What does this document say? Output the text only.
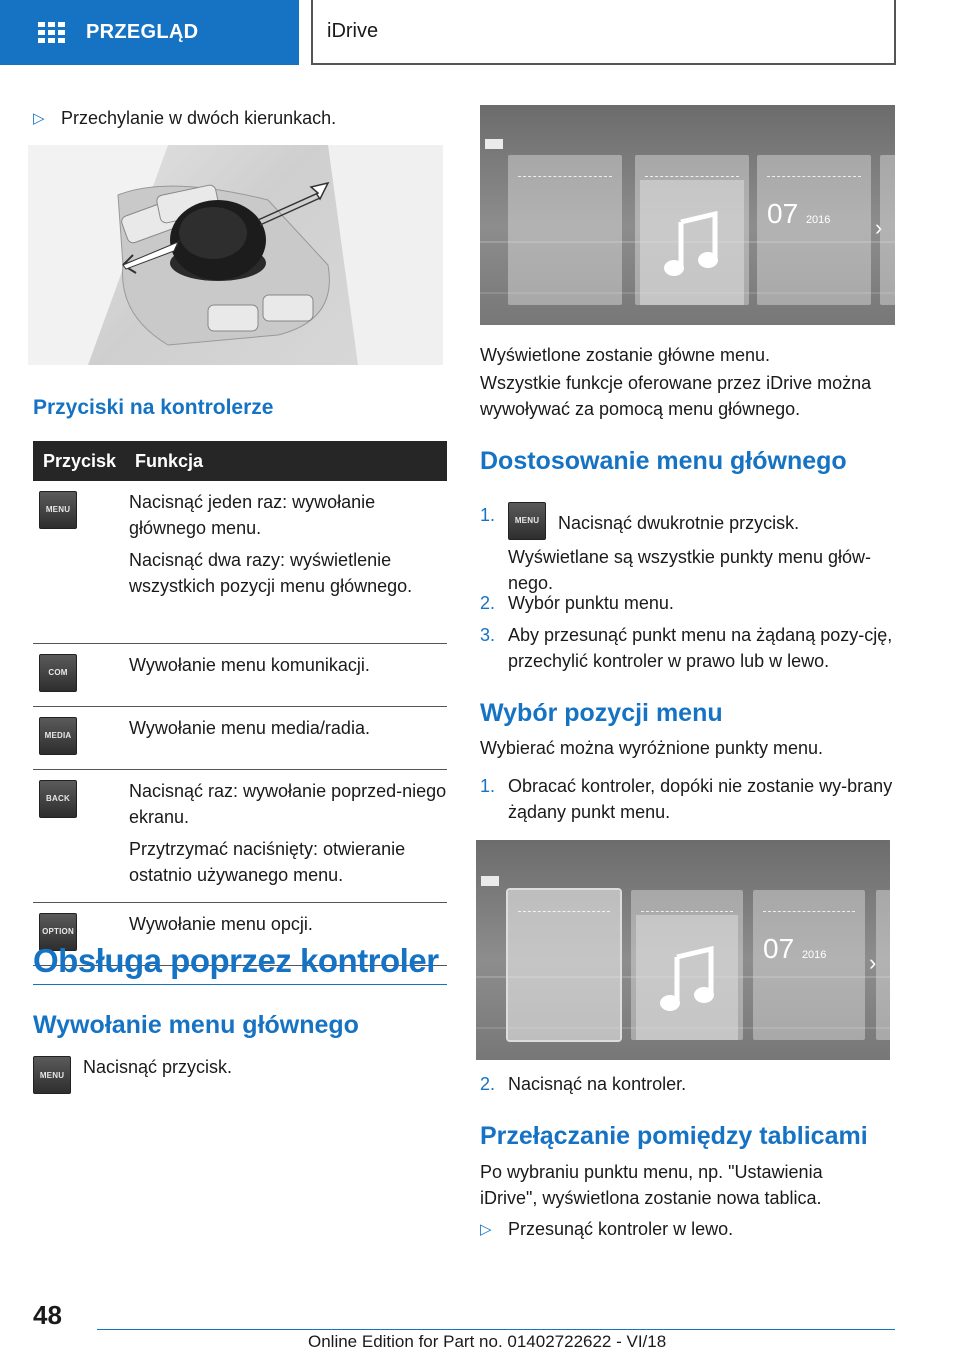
PRZEGLĄD	iDrive
▷ Przechylanie w dwóch kierunkach.
Przyciski na kontrolerze
Przycisk	Funkcja

MENU	Nacisnąć jeden raz: wywołanie głównego menu.

Nacisnąć dwa razy: wyświetlenie wszystkich pozycji menu głównego.

COM	Wywołanie menu komunikacji.

MEDIA	Wywołanie menu media/radia.

BACK	Nacisnąć raz: wywołanie poprzed‐niego ekranu.

Przytrzymać naciśnięty: otwieranie ostatnio używanego menu.

OPTION	Wywołanie menu opcji.

Obsługa poprzez kontroler
Wywołanie menu głównego
MENU	Nacisnąć przycisk.
07 2016 ›

Wyświetlone zostanie główne menu.

Wszystkie funkcje oferowane przez iDrive można wywoływać za pomocą menu głównego.

Dostosowanie menu głównego
1.	MENU	Nacisnąć dwukrotnie przycisk.

Wyświetlane są wszystkie punkty menu głów‐nego.

2. Wybór punktu menu.
3. Aby przesunąć punkt menu na żądaną pozy‐cję, przechylić kontroler w prawo lub w lewo.
Wybór pozycji menu

Wybierać można wyróżnione punkty menu.

1. Obracać kontroler, dopóki nie zostanie wy‐brany żądany punkt menu.
07 2016 ›
2. Nacisnąć na kontroler.
Przełączanie pomiędzy tablicami

Po wybraniu punktu menu, np. "Ustawienia iDrive", wyświetlona zostanie nowa tablica.

▷ Przesunąć kontroler w lewo.
48
Online Edition for Part no. 01402722622 - VI/18
